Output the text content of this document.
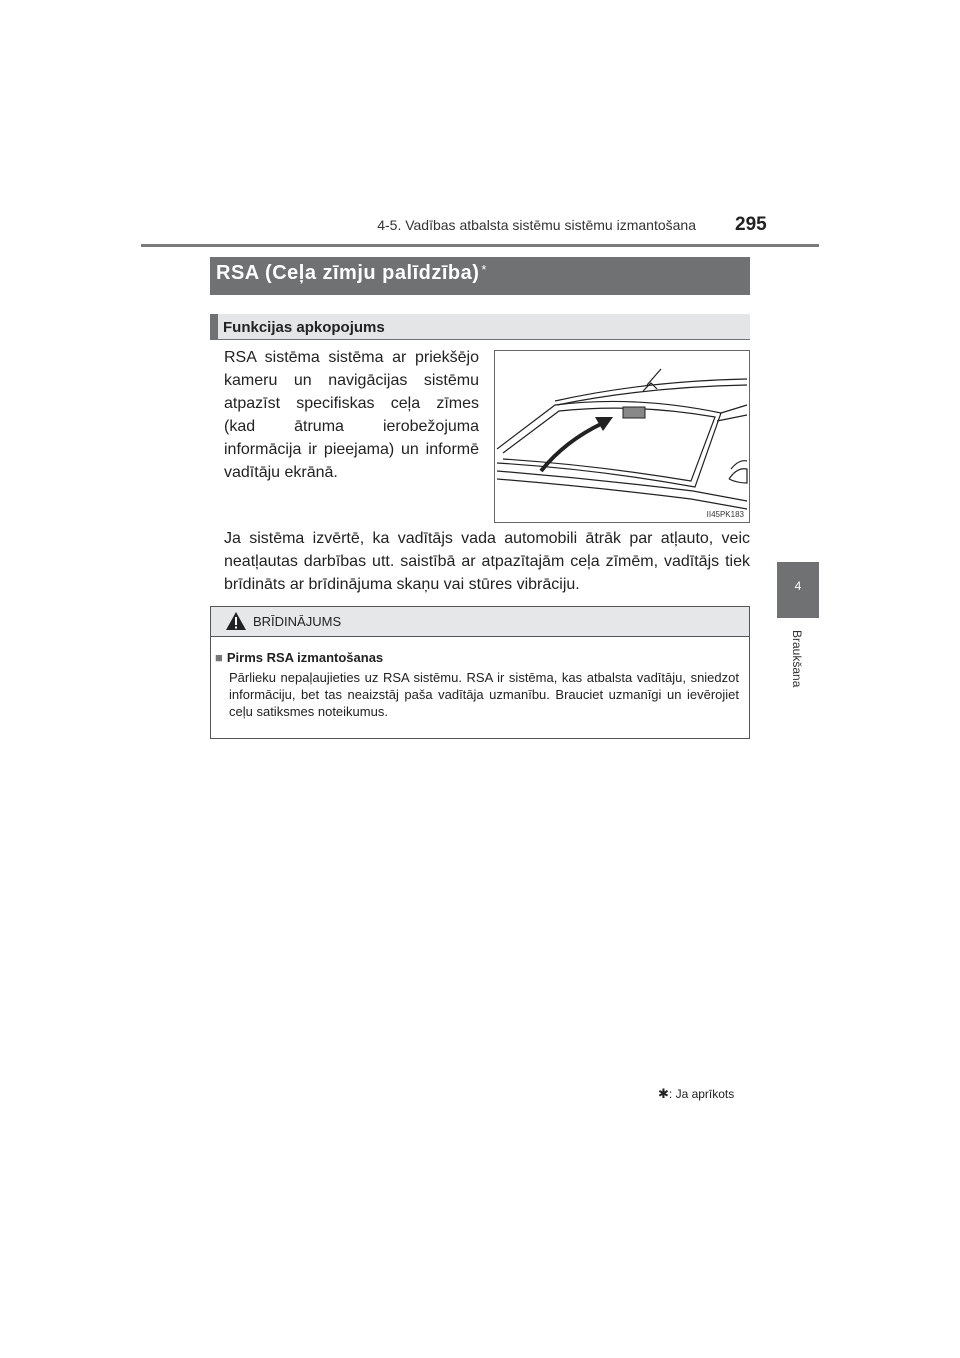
4-5. Vadības atbalsta sistēmu sistēmu izmantošana 295
4
Braukšana
RSA (Ceļa zīmju palīdzība) *
Funkcijas apkopojums
RSA sistēma sistēma ar priekšējo kameru un navigācijas sistēmu atpazīst specifiskas ceļa zīmes (kad ātruma ierobežojuma informācija ir pieejama) un informē vadītāju ekrānā.
II45PK183
Ja sistēma izvērtē, ka vadītājs vada automobili ātrāk par atļauto, veic neatļautas darbības utt. saistībā ar atpazītajām ceļa zīmēm, vadītājs tiek brīdināts ar brīdinājuma skaņu vai stūres vibrāciju.
BRĪDINĀJUMS
■ Pirms RSA izmantošanas
Pārlieku nepaļaujieties uz RSA sistēmu. RSA ir sistēma, kas atbalsta vadītāju, sniedzot informāciju, bet tas neaizstāj paša vadītāja uzmanību. Brauciet uzmanīgi un ievērojiet ceļu satiksmes noteikumus.
✱: Ja aprīkots
